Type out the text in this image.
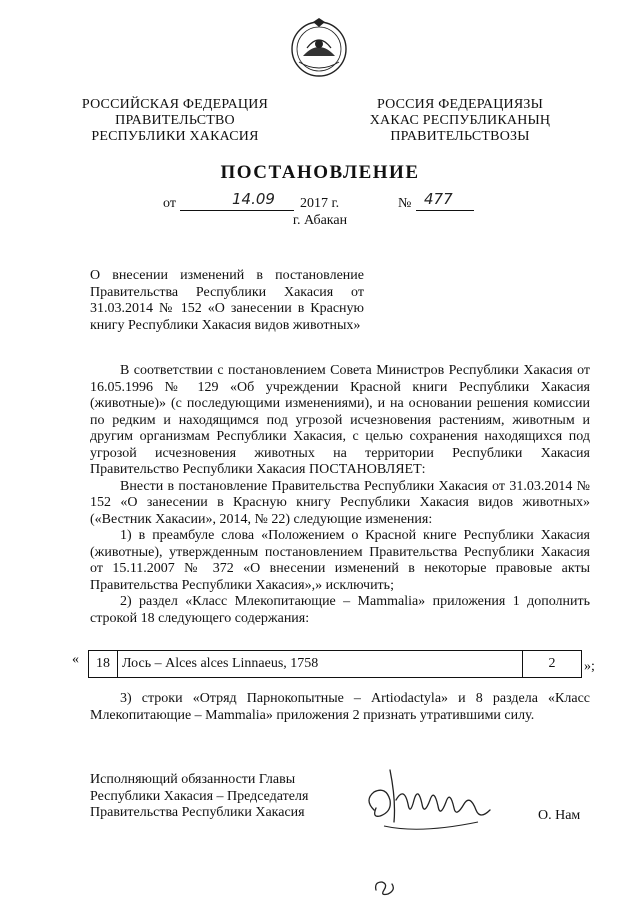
РОССИЙСКАЯ ФЕДЕРАЦИЯ
ПРАВИТЕЛЬСТВО
РЕСПУБЛИКИ ХАКАСИЯ
РОССИЯ ФЕДЕРАЦИЯЗЫ
ХАКАС РЕСПУБЛИКАНЫҢ
ПРАВИТЕЛЬСТВОЗЫ
ПОСТАНОВЛЕНИЕ
от	14.09 2017 г.	№ 477
г. Абакан
О внесении изменений в постановление Правительства Республики Хакасия от 31.03.2014 № 152 «О занесении в Красную книгу Республики Хакасия видов животных»

В соответствии с постановлением Совета Министров Республики Хакасия от 16.05.1996 № 129 «Об учреждении Красной книги Республики Хакасия (животные)» (с последующими изменениями), и на основании решения комиссии по редким и находящимся под угрозой исчезновения растениям, животным и другим организмам Республики Хакасия, с целью сохранения находящихся под угрозой исчезновения животных на территории Республики Хакасия Правительство Республики Хакасия ПОСТАНОВЛЯЕТ:

Внести в постановление Правительства Республики Хакасия от 31.03.2014 № 152 «О занесении в Красную книгу Республики Хакасия видов животных» («Вестник Хакасии», 2014, № 22) следующие изменения:

1) в преамбуле слова «Положением о Красной книге Республики Хакасия (животные), утвержденным постановлением Правительства Республики Хакасия от 15.11.2007 № 372 «О внесении изменений в некоторые правовые акты Правительства Республики Хакасия»,» исключить;

2) раздел «Класс Млекопитающие – Mammalia» приложения 1 дополнить строкой 18 следующего содержания:

« 18	Лось – Alces alces Linnaeus, 1758	2 »;

3) строки «Отряд Парнокопытные – Artiodactyla» и 8 раздела «Класс Млекопитающие – Mammalia» приложения 2 признать утратившими силу.

Исполняющий обязанности Главы
Республики Хакасия – Председателя
Правительства Республики Хакасия	О. Нам
